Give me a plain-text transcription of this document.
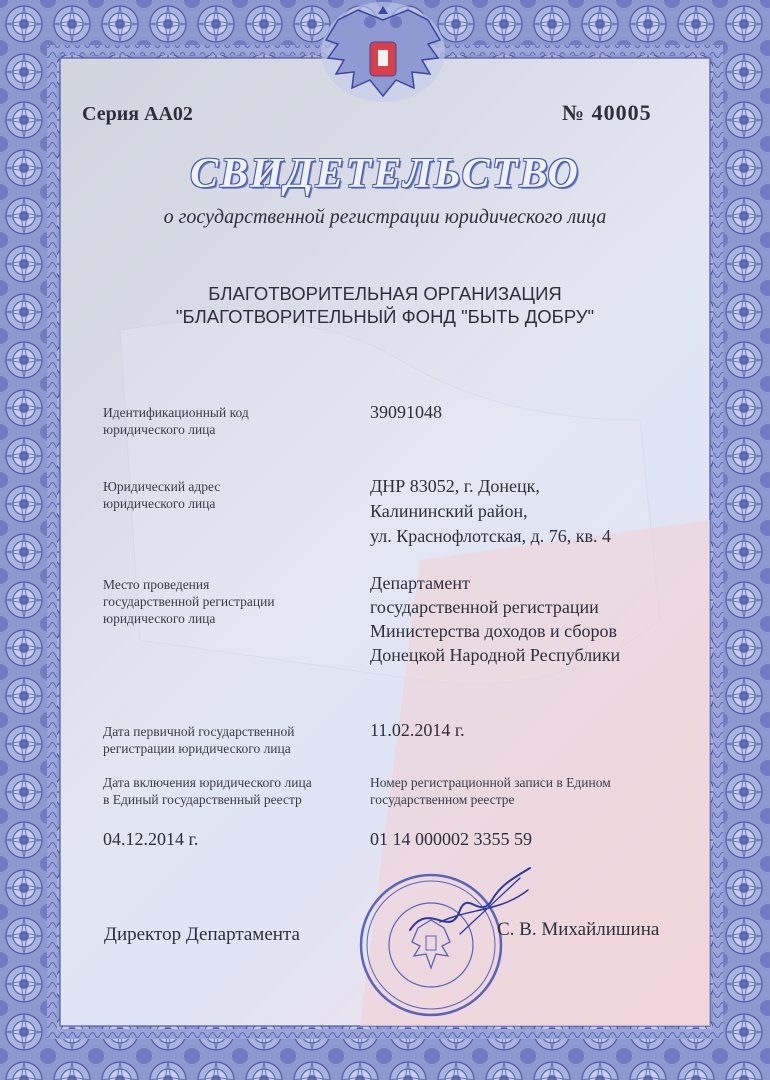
Серия АА02	№ 40005
СВИДЕТЕЛЬСТВО
о государственной регистрации юридического лица
БЛАГОТВОРИТЕЛЬНАЯ ОРГАНИЗАЦИЯ
"БЛАГОТВОРИТЕЛЬНЫЙ ФОНД "БЫТЬ ДОБРУ"
Идентификационный код
юридического лица
39091048
Юридический адрес
юридического лица
ДНР 83052, г. Донецк,
Калининский район,
ул. Краснофлотская, д. 76, кв. 4
Место проведения
государственной регистрации
юридического лица
Департамент
государственной регистрации
Министерства доходов и сборов
Донецкой Народной Республики
Дата первичной государственной
регистрации юридического лица
11.02.2014 г.
Дата включения юридического лица
в Единый государственный реестр
04.12.2014 г.
Номер регистрационной записи в Едином
государственном реестре
01 14 000002 3355 59
Директор Департамента	С. В. Михайлишина
